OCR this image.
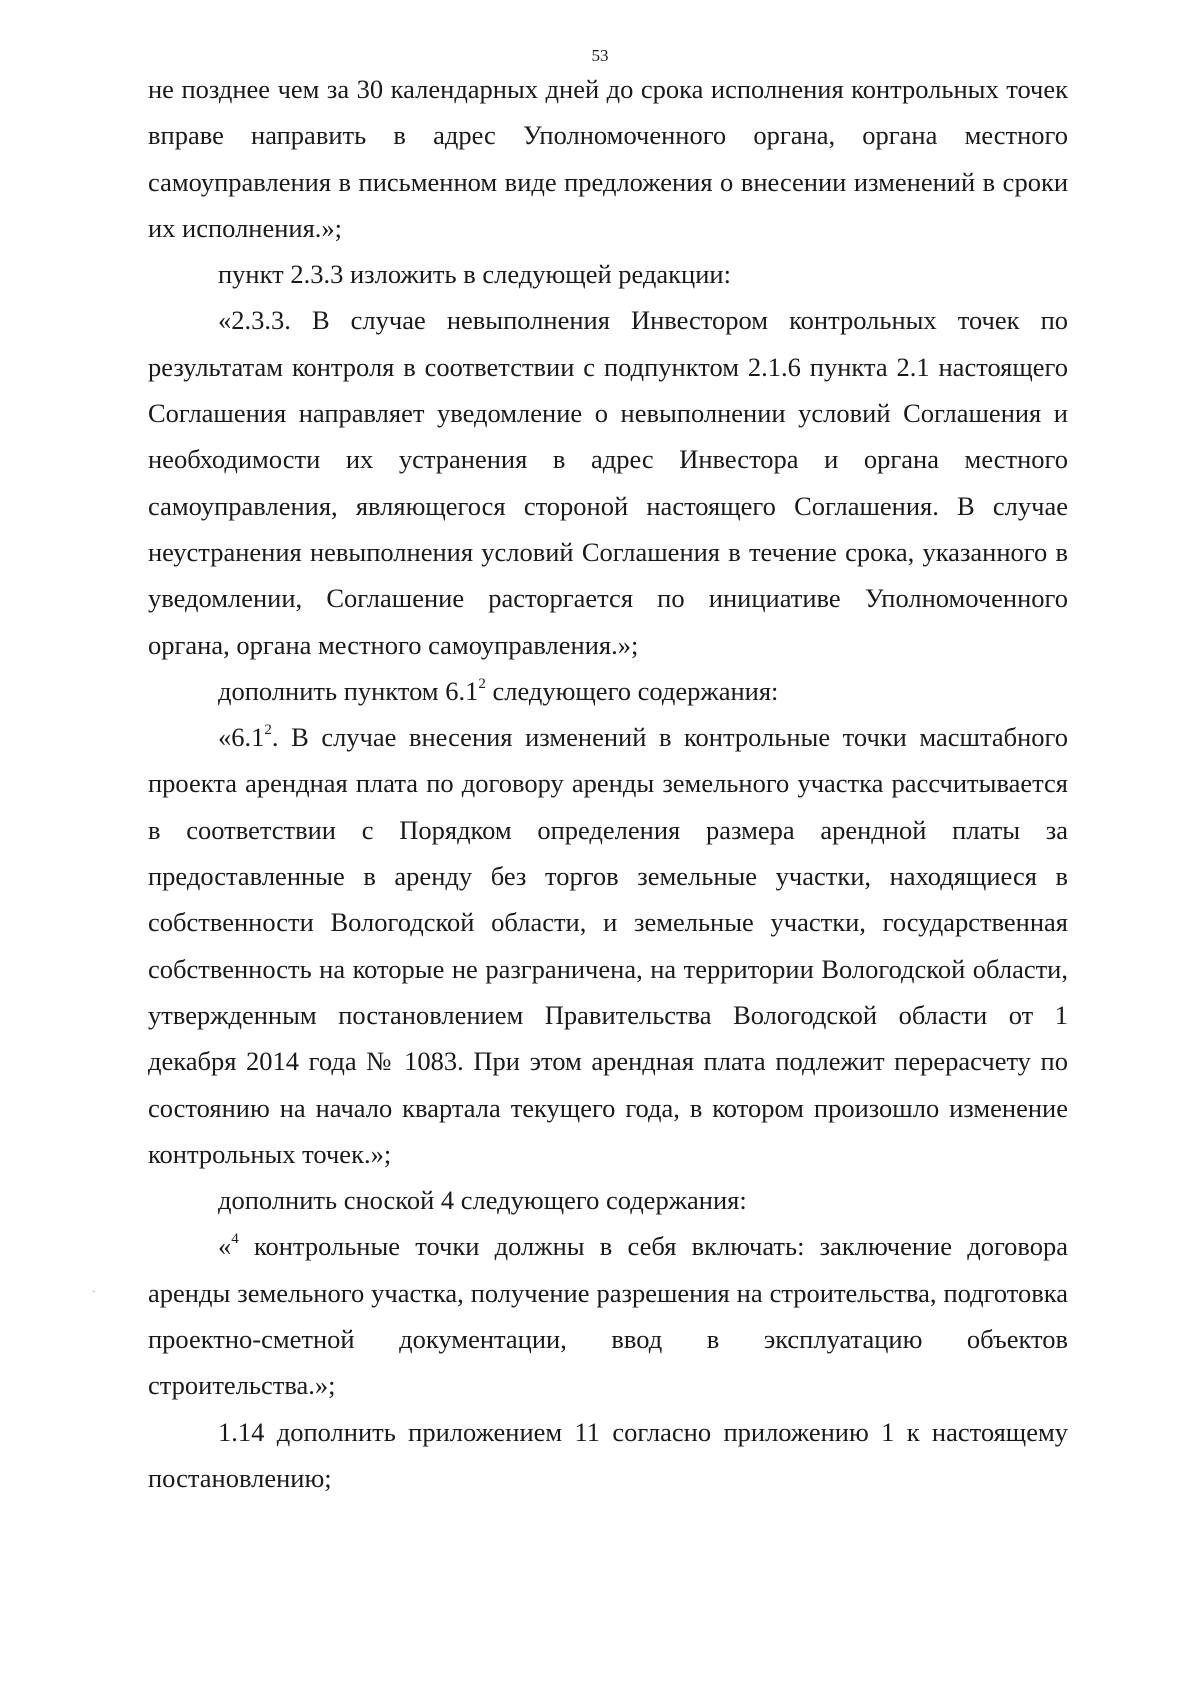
53

не позднее чем за 30 календарных дней до срока исполнения контрольных точек вправе направить в адрес Уполномоченного органа, органа местного самоуправления в письменном виде предложения о внесении изменений в сроки их исполнения.»;

пункт 2.3.3 изложить в следующей редакции:

«2.3.3. В случае невыполнения Инвестором контрольных точек по результатам контроля в соответствии с подпунктом 2.1.6 пункта 2.1 настоящего Соглашения направляет уведомление о невыполнении условий Соглашения и необходимости их устранения в адрес Инвестора и органа местного самоуправления, являющегося стороной настоящего Соглашения. В случае неустранения невыполнения условий Соглашения в течение срока, указанного в уведомлении, Соглашение расторгается по инициативе Уполномоченного органа, органа местного самоуправления.»;

дополнить пунктом $6.1^2$ следующего содержания:

«$6.1^2$. В случае внесения изменений в контрольные точки масштабного проекта арендная плата по договору аренды земельного участка рассчитывается в соответствии с Порядком определения размера арендной платы за предоставленные в аренду без торгов земельные участки, находящиеся в собственности Вологодской области, и земельные участки, государственная собственность на которые не разграничена, на территории Вологодской области, утвержденным постановлением Правительства Вологодской области от 1 декабря 2014 года № 1083. При этом арендная плата подлежит перерасчету по состоянию на начало квартала текущего года, в котором произошло изменение контрольных точек.»;

дополнить сноской 4 следующего содержания:

«$^4$ контрольные точки должны в себя включать: заключение договора аренды земельного участка, получение разрешения на строительства, подготовка проектно-сметной документации, ввод в эксплуатацию объектов строительства.»;

1.14 дополнить приложением 11 согласно приложению 1 к настоящему постановлению;

`
